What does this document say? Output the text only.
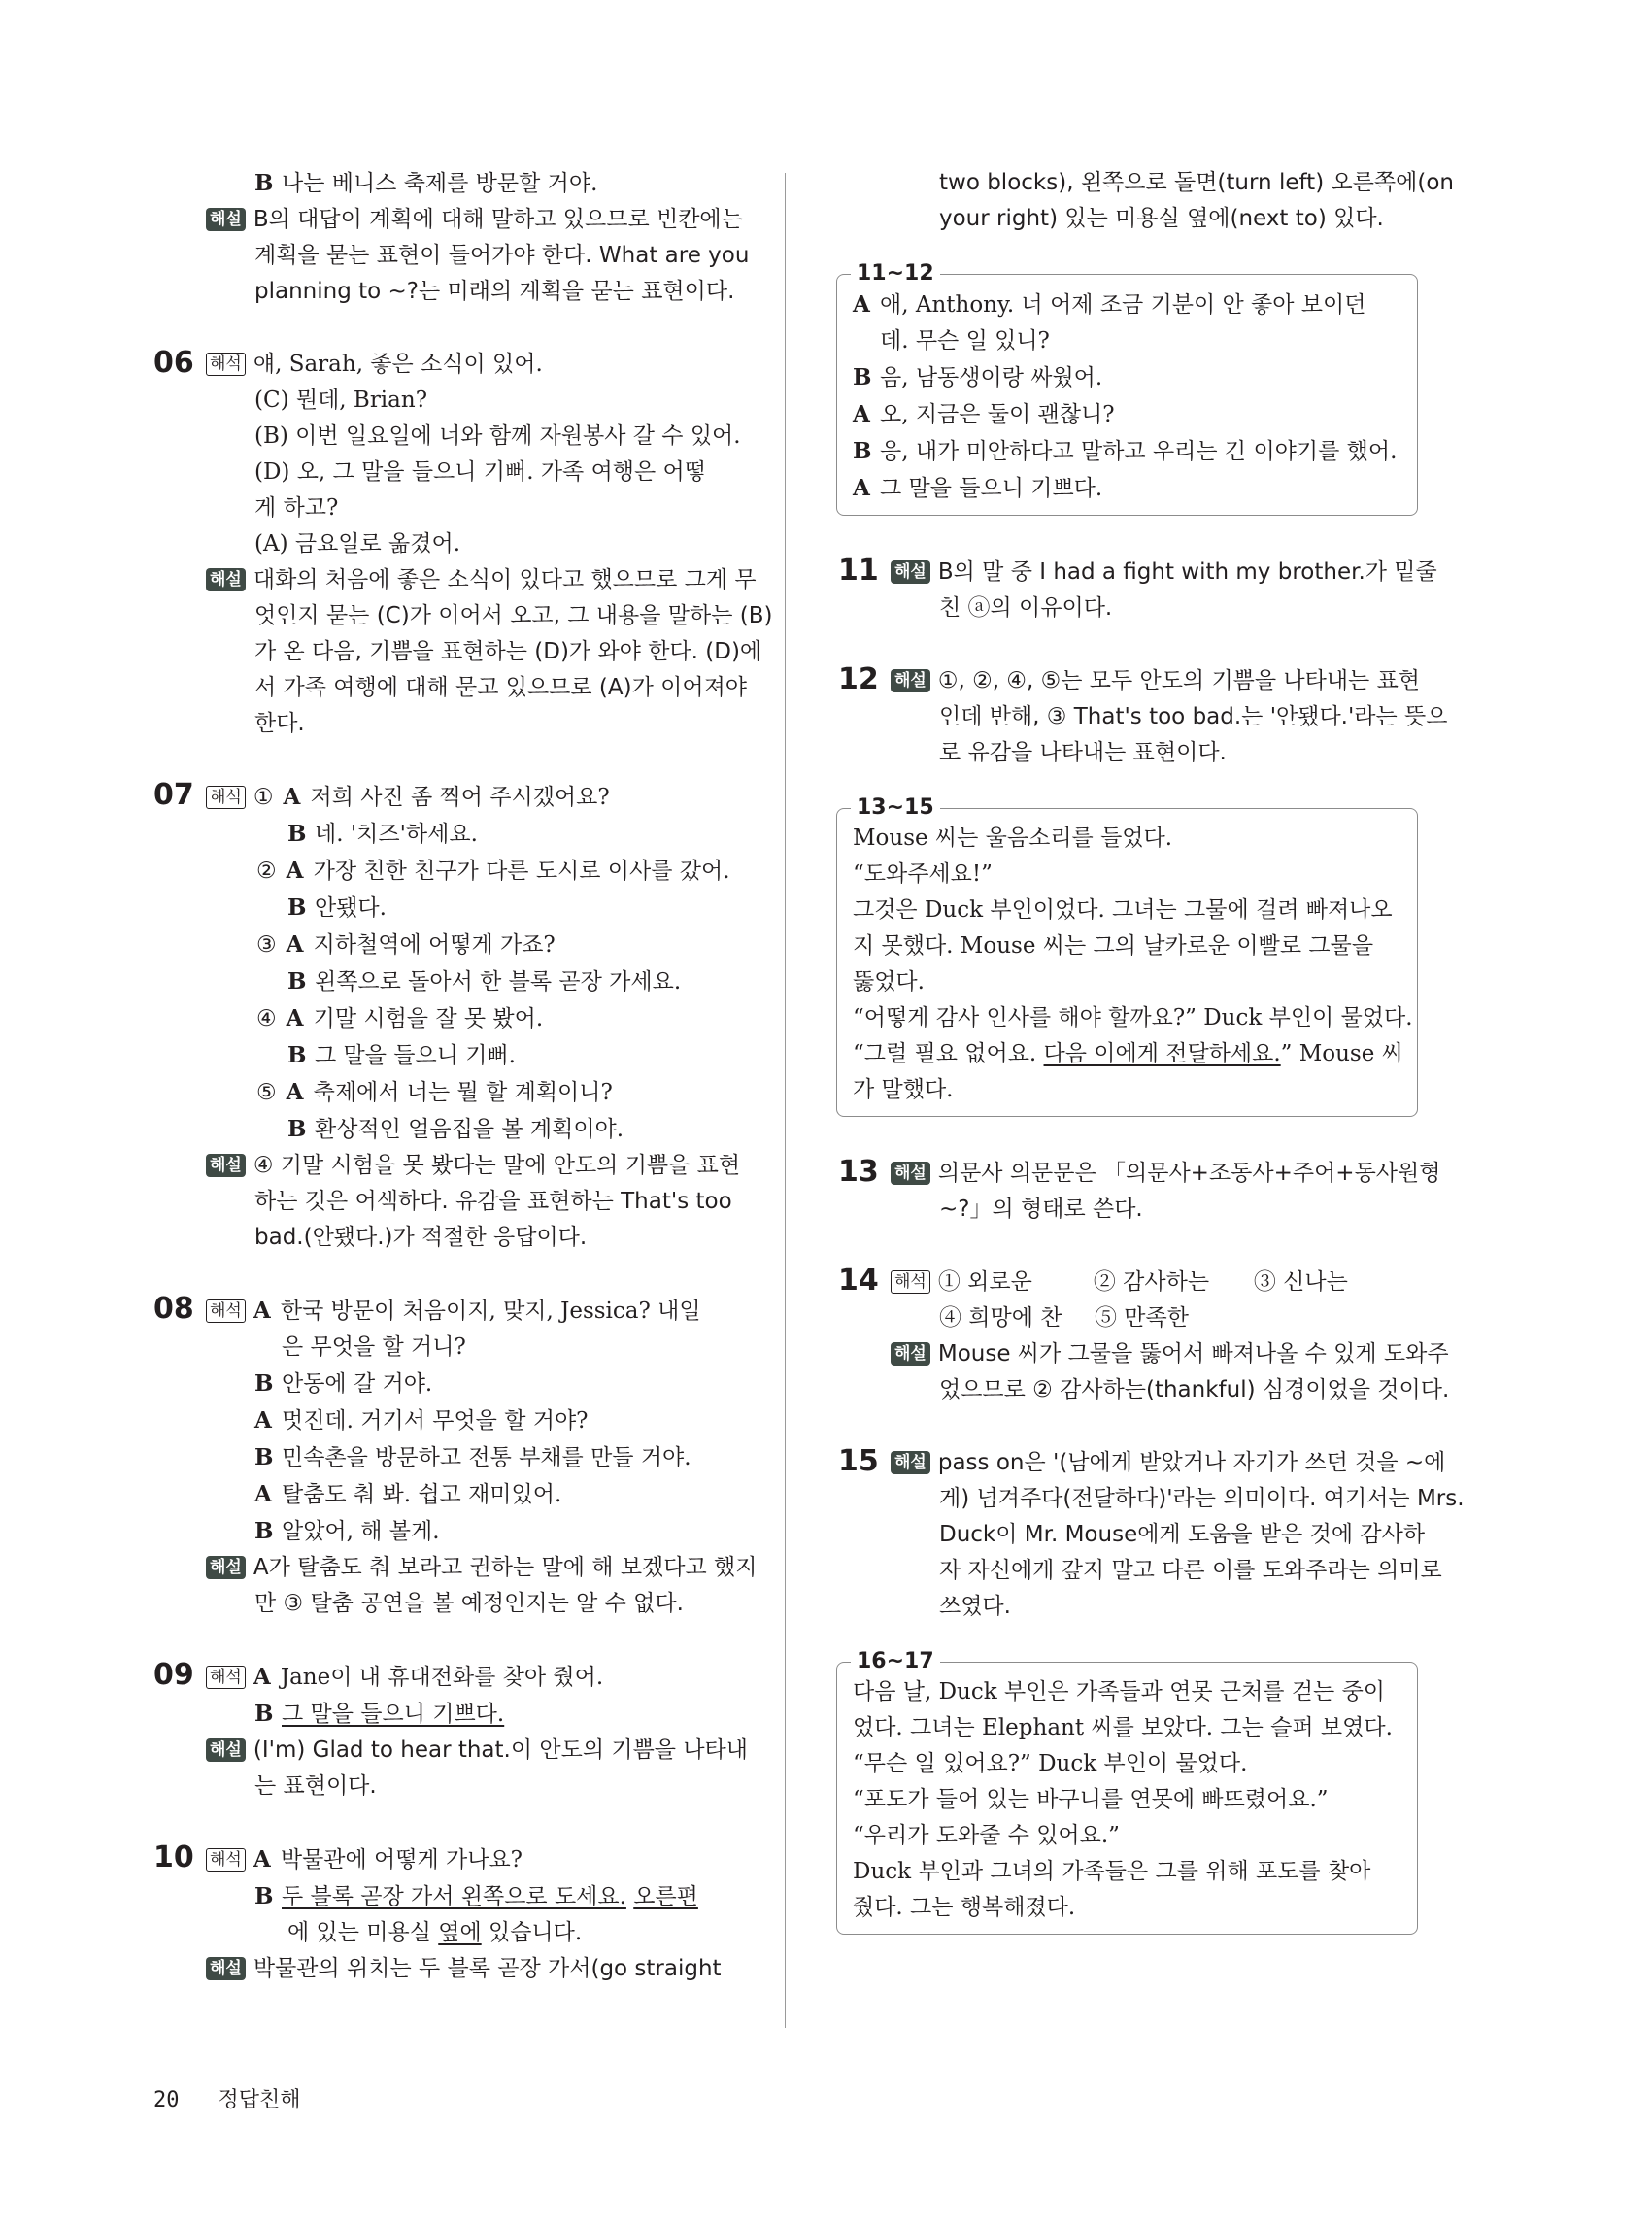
B 나는 베니스 축제를 방문할 거야.
해설 B의 대답이 계획에 대해 말하고 있으므로 빈칸에는
계획을 묻는 표현이 들어가야 한다. What are you
planning to ~?는 미래의 계획을 묻는 표현이다.
06 해석 얘, Sarah, 좋은 소식이 있어.
(C) 뭔데, Brian?
(B) 이번 일요일에 너와 함께 자원봉사 갈 수 있어.
(D) 오, 그 말을 들으니 기뻐. 가족 여행은 어떻
게 하고?
(A) 금요일로 옮겼어.
해설 대화의 처음에 좋은 소식이 있다고 했으므로 그게 무
엇인지 묻는 (C)가 이어서 오고, 그 내용을 말하는 (B)
가 온 다음, 기쁨을 표현하는 (D)가 와야 한다. (D)에
서 가족 여행에 대해 묻고 있으므로 (A)가 이어져야
한다.
07 해석 ① A 저희 사진 좀 찍어 주시겠어요?
B 네. '치즈'하세요.
② A 가장 친한 친구가 다른 도시로 이사를 갔어.
B 안됐다.
③ A 지하철역에 어떻게 가죠?
B 왼쪽으로 돌아서 한 블록 곧장 가세요.
④ A 기말 시험을 잘 못 봤어.
B 그 말을 들으니 기뻐.
⑤ A 축제에서 너는 뭘 할 계획이니?
B 환상적인 얼음집을 볼 계획이야.
해설 ④ 기말 시험을 못 봤다는 말에 안도의 기쁨을 표현
하는 것은 어색하다. 유감을 표현하는 That's too
bad.(안됐다.)가 적절한 응답이다.
08 해석 A 한국 방문이 처음이지, 맞지, Jessica? 내일
은 무엇을 할 거니?
B 안동에 갈 거야.
A 멋진데. 거기서 무엇을 할 거야?
B 민속촌을 방문하고 전통 부채를 만들 거야.
A 탈춤도 춰 봐. 쉽고 재미있어.
B 알았어, 해 볼게.
해설 A가 탈춤도 춰 보라고 권하는 말에 해 보겠다고 했지
만 ③ 탈춤 공연을 볼 예정인지는 알 수 없다.
09 해석 A Jane이 내 휴대전화를 찾아 줬어.
B 그 말을 들으니 기쁘다.
해설 (I'm) Glad to hear that.이 안도의 기쁨을 나타내
는 표현이다.
10 해석 A 박물관에 어떻게 가나요?
B 두 블록 곧장 가서 왼쪽으로 도세요. 오른편
에 있는 미용실 옆에 있습니다.
해설 박물관의 위치는 두 블록 곧장 가서(go straight
two blocks), 왼쪽으로 돌면(turn left) 오른쪽에(on
your right) 있는 미용실 옆에(next to) 있다.
11~12
A 애, Anthony. 너 어제 조금 기분이 안 좋아 보이던
데. 무슨 일 있니?
B 음, 남동생이랑 싸웠어.
A 오, 지금은 둘이 괜찮니?
B 응, 내가 미안하다고 말하고 우리는 긴 이야기를 했어.
A 그 말을 들으니 기쁘다.
11 해설 B의 말 중 I had a fight with my brother.가 밑줄
친 ⓐ의 이유이다.
12 해설 ①, ②, ④, ⑤는 모두 안도의 기쁨을 나타내는 표현
인데 반해, ③ That's too bad.는 '안됐다.'라는 뜻으
로 유감을 나타내는 표현이다.
13~15
Mouse 씨는 울음소리를 들었다.
“도와주세요!”
그것은 Duck 부인이었다. 그녀는 그물에 걸려 빠져나오
지 못했다. Mouse 씨는 그의 날카로운 이빨로 그물을
뚫었다.
“어떻게 감사 인사를 해야 할까요?” Duck 부인이 물었다.
“그럴 필요 없어요. 다음 이에게 전달하세요.” Mouse 씨
가 말했다.
13 해설 의문사 의문문은 「의문사+조동사+주어+동사원형
~?」의 형태로 쓴다.
14 해석 ① 외로운	② 감사하는 ③ 신나는
④ 희망에 찬 ⑤ 만족한
해설 Mouse 씨가 그물을 뚫어서 빠져나올 수 있게 도와주
었으므로 ② 감사하는(thankful) 심경이었을 것이다.
15 해설 pass on은 '(남에게 받았거나 자기가 쓰던 것을 ~에
게) 넘겨주다(전달하다)'라는 의미이다. 여기서는 Mrs.
Duck이 Mr. Mouse에게 도움을 받은 것에 감사하
자 자신에게 갚지 말고 다른 이를 도와주라는 의미로
쓰였다.
16~17
다음 날, Duck 부인은 가족들과 연못 근처를 걷는 중이
었다. 그녀는 Elephant 씨를 보았다. 그는 슬퍼 보였다.
“무슨 일 있어요?” Duck 부인이 물었다.
“포도가 들어 있는 바구니를 연못에 빠뜨렸어요.”
“우리가 도와줄 수 있어요.”
Duck 부인과 그녀의 가족들은 그를 위해 포도를 찾아
줬다. 그는 행복해졌다.
20 정답친해
